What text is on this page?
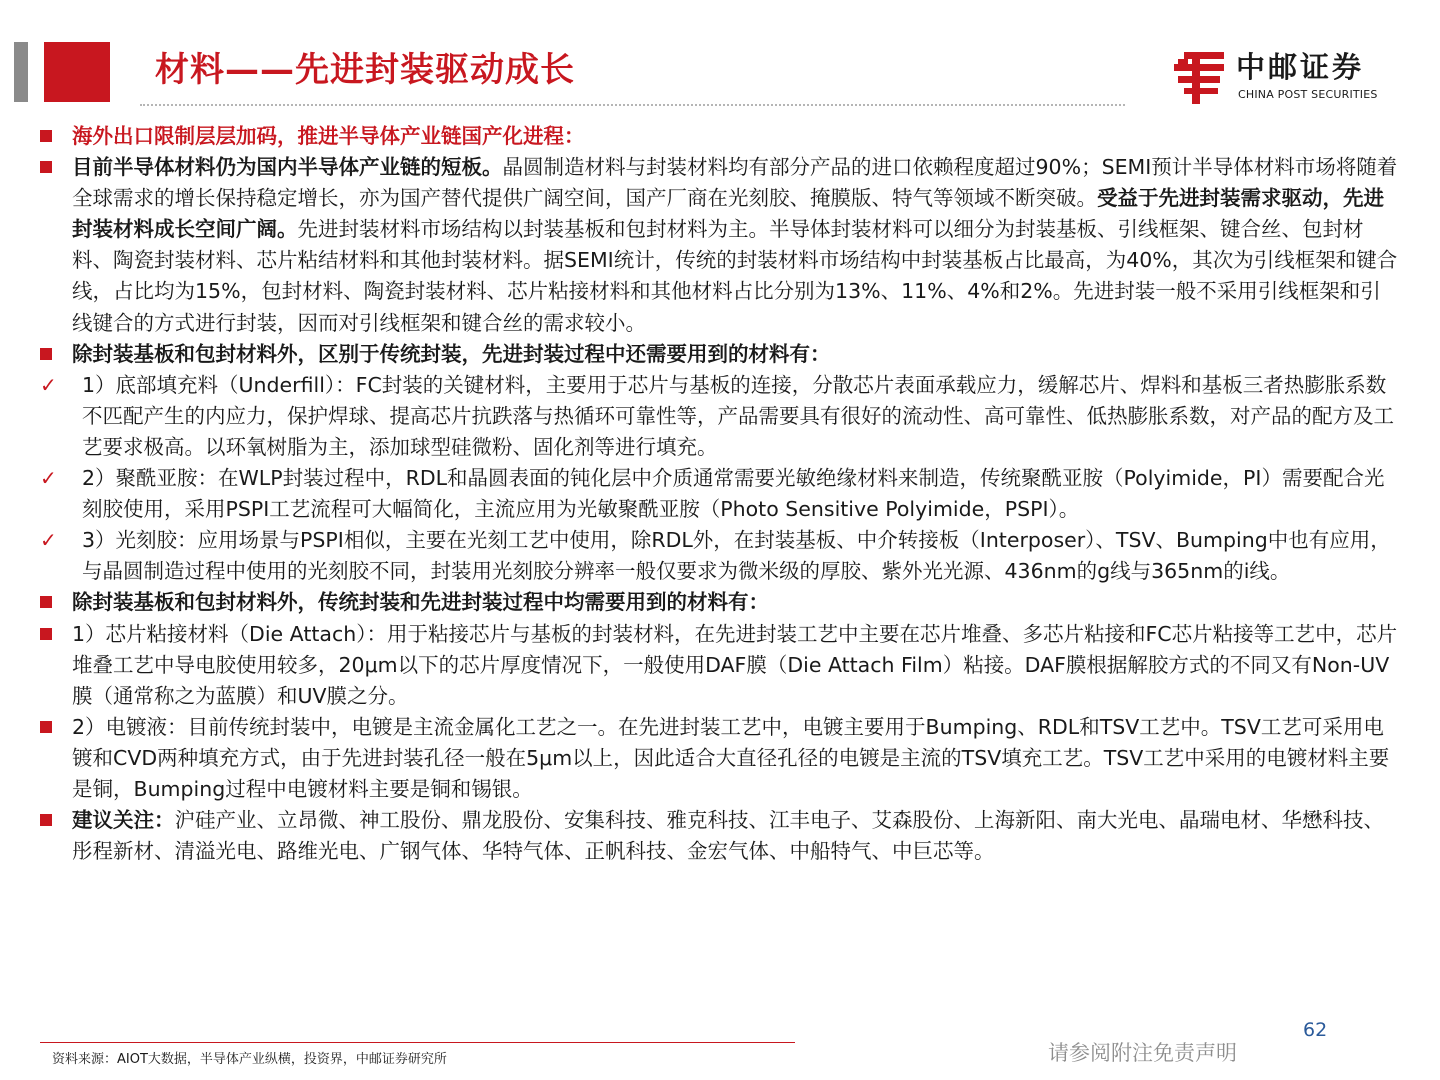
材料——先进封装驱动成长	中邮证券
CHINA POST SECURITIES
海外出口限制层层加码，推进半导体产业链国产化进程：
目前半导体材料仍为国内半导体产业链的短板。晶圆制造材料与封装材料均有部分产品的进口依赖程度超过90%；SEMI预计半导体材料市场将随着全球需求的增长保持稳定增长，亦为国产替代提供广阔空间，国产厂商在光刻胶、掩膜版、特气等领域不断突破。受益于先进封装需求驱动，先进封装材料成长空间广阔。先进封装材料市场结构以封装基板和包封材料为主。半导体封装材料可以细分为封装基板、引线框架、键合丝、包封材料、陶瓷封装材料、芯片粘结材料和其他封装材料。据SEMI统计，传统的封装材料市场结构中封装基板占比最高，为40%，其次为引线框架和键合线，占比均为15%，包封材料、陶瓷封装材料、芯片粘接材料和其他材料占比分别为13%、11%、4%和2%。先进封装一般不采用引线框架和引线键合的方式进行封装，因而对引线框架和键合丝的需求较小。
除封装基板和包封材料外，区别于传统封装，先进封装过程中还需要用到的材料有：
✓ 1）底部填充料（Underfill）：FC封装的关键材料，主要用于芯片与基板的连接，分散芯片表面承载应力，缓解芯片、焊料和基板三者热膨胀系数不匹配产生的内应力，保护焊球、提高芯片抗跌落与热循环可靠性等，产品需要具有很好的流动性、高可靠性、低热膨胀系数，对产品的配方及工艺要求极高。以环氧树脂为主，添加球型硅微粉、固化剂等进行填充。
✓ 2）聚酰亚胺：在WLP封装过程中，RDL和晶圆表面的钝化层中介质通常需要光敏绝缘材料来制造，传统聚酰亚胺（Polyimide，PI）需要配合光刻胶使用，采用PSPI工艺流程可大幅简化，主流应用为光敏聚酰亚胺（Photo Sensitive Polyimide，PSPI）。
✓ 3）光刻胶：应用场景与PSPI相似，主要在光刻工艺中使用，除RDL外，在封装基板、中介转接板（Interposer）、TSV、Bumping中也有应用，与晶圆制造过程中使用的光刻胶不同，封装用光刻胶分辨率一般仅要求为微米级的厚胶、紫外光光源、436nm的g线与365nm的i线。
除封装基板和包封材料外，传统封装和先进封装过程中均需要用到的材料有：
1）芯片粘接材料（Die Attach）：用于粘接芯片与基板的封装材料，在先进封装工艺中主要在芯片堆叠、多芯片粘接和FC芯片粘接等工艺中，芯片堆叠工艺中导电胶使用较多，20μm以下的芯片厚度情况下，一般使用DAF膜（Die Attach Film）粘接。DAF膜根据解胶方式的不同又有Non-UV膜（通常称之为蓝膜）和UV膜之分。
2）电镀液：目前传统封装中，电镀是主流金属化工艺之一。在先进封装工艺中，电镀主要用于Bumping、RDL和TSV工艺中。TSV工艺可采用电镀和CVD两种填充方式，由于先进封装孔径一般在5μm以上，因此适合大直径孔径的电镀是主流的TSV填充工艺。TSV工艺中采用的电镀材料主要是铜，Bumping过程中电镀材料主要是铜和锡银。
建议关注：沪硅产业、立昂微、神工股份、鼎龙股份、安集科技、雅克科技、江丰电子、艾森股份、上海新阳、南大光电、晶瑞电材、华懋科技、彤程新材、清溢光电、路维光电、广钢气体、华特气体、正帆科技、金宏气体、中船特气、中巨芯等。
62
资料来源：AIOT大数据，半导体产业纵横，投资界，中邮证券研究所	请参阅附注免责声明
